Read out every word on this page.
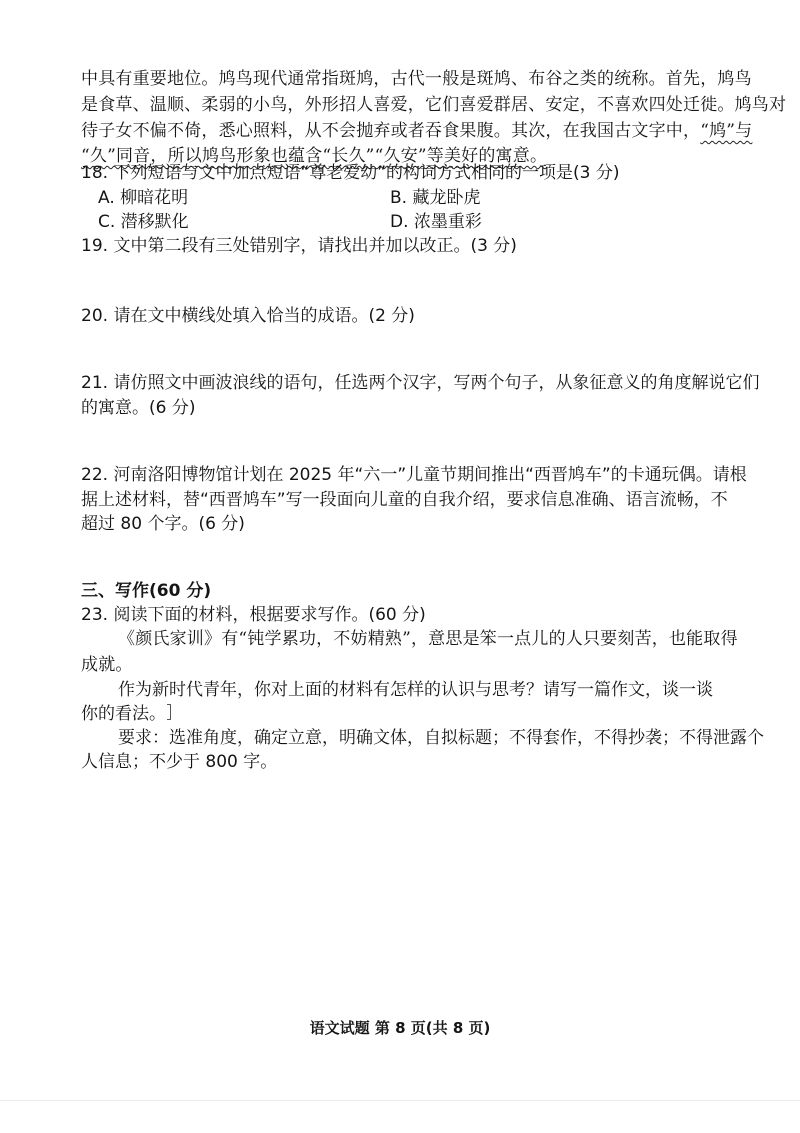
中具有重要地位。鸠鸟现代通常指斑鸠，古代一般是斑鸠、布谷之类的统称。首先，鸠鸟
是食草、温顺、柔弱的小鸟，外形招人喜爱，它们喜爱群居、安定，不喜欢四处迁徙。鸠鸟对
待子女不偏不倚，悉心照料，从不会抛弃或者吞食果腹。其次，在我国古文字中，“鸠”与
“久”同音，所以鸠鸟形象也蕴含“长久”“久安”等美好的寓意。
18. 下列短语与文中加点短语“尊老爱幼”的构词方式相同的一项是(3 分)
A. 柳暗花明	B. 藏龙卧虎
C. 潜移默化	D. 浓墨重彩
19. 文中第二段有三处错别字，请找出并加以改正。(3 分)
20. 请在文中横线处填入恰当的成语。(2 分)
21. 请仿照文中画波浪线的语句，任选两个汉字，写两个句子，从象征意义的角度解说它们
的寓意。(6 分)
22. 河南洛阳博物馆计划在 2025 年“六一”儿童节期间推出“西晋鸠车”的卡通玩偶。请根
据上述材料，替“西晋鸠车”写一段面向儿童的自我介绍，要求信息准确、语言流畅，不
超过 80 个字。(6 分)
三、写作(60 分)
23. 阅读下面的材料，根据要求写作。(60 分)
《颜氏家训》有“钝学累功，不妨精熟”，意思是笨一点儿的人只要刻苦，也能取得
成就。
作为新时代青年，你对上面的材料有怎样的认识与思考？请写一篇作文，谈一谈
你的看法。
要求：选准角度，确定立意，明确文体，自拟标题；不得套作，不得抄袭；不得泄露个
人信息；不少于 800 字。
语文试题 第 8 页(共 8 页)
